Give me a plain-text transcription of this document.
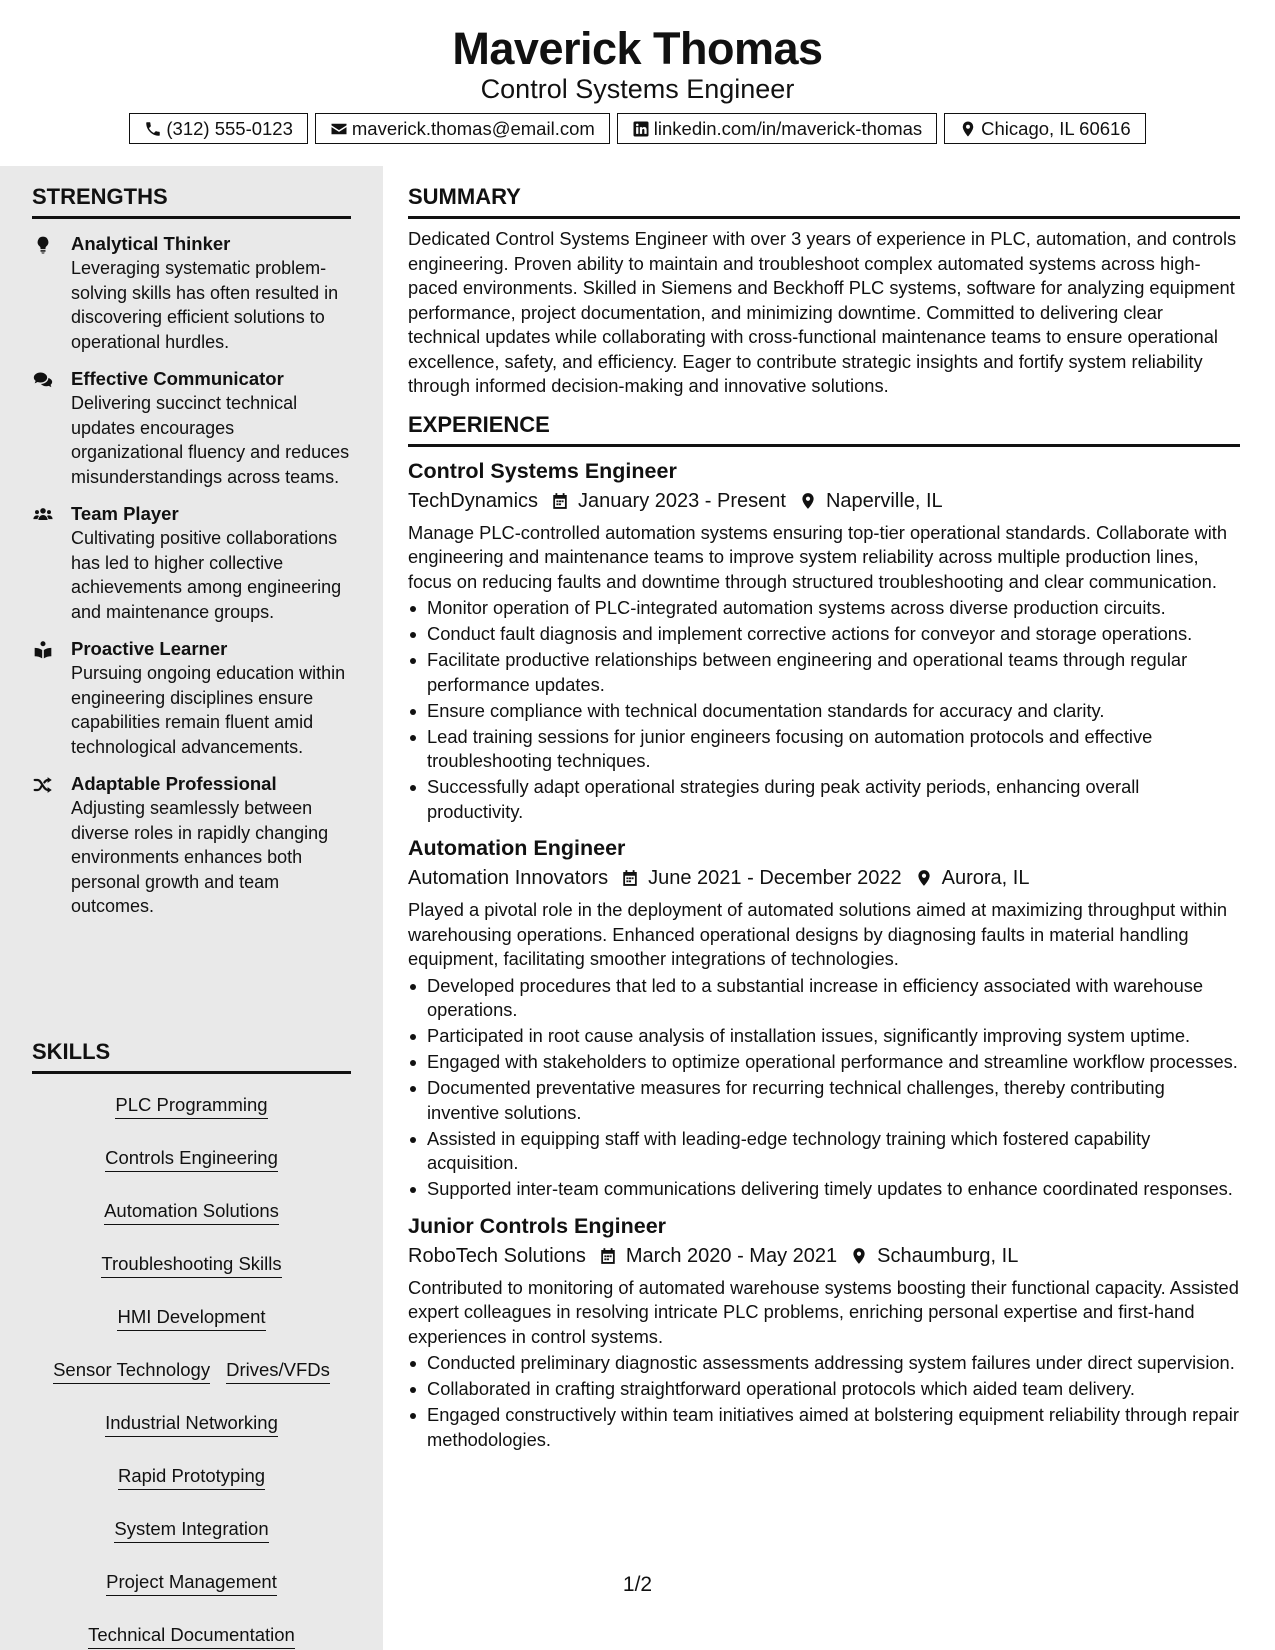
Maverick Thomas
Control Systems Engineer
(312) 555-0123	maverick.thomas@email.com	linkedin.com/in/maverick-thomas	Chicago, IL 60616
STRENGTHS
Analytical Thinker
Leveraging systematic problem-solving skills has often resulted in discovering efficient solutions to operational hurdles.
Effective Communicator
Delivering succinct technical updates encourages organizational fluency and reduces misunderstandings across teams.
Team Player
Cultivating positive collaborations has led to higher collective achievements among engineering and maintenance groups.
Proactive Learner
Pursuing ongoing education within engineering disciplines ensure capabilities remain fluent amid technological advancements.
Adaptable Professional
Adjusting seamlessly between diverse roles in rapidly changing environments enhances both personal growth and team outcomes.
SKILLS
PLC Programming
Controls Engineering
Automation Solutions
Troubleshooting Skills
HMI Development
Sensor Technology Drives/VFDs
Industrial Networking
Rapid Prototyping
System Integration
Project Management
Technical Documentation
SUMMARY
Dedicated Control Systems Engineer with over 3 years of experience in PLC, automation, and controls engineering. Proven ability to maintain and troubleshoot complex automated systems across high-paced environments. Skilled in Siemens and Beckhoff PLC systems, software for analyzing equipment performance, project documentation, and minimizing downtime. Committed to delivering clear technical updates while collaborating with cross-functional maintenance teams to ensure operational excellence, safety, and efficiency. Eager to contribute strategic insights and fortify system reliability through informed decision-making and innovative solutions.
EXPERIENCE
Control Systems Engineer
TechDynamics January 2023 - Present Naperville, IL
Manage PLC-controlled automation systems ensuring top-tier operational standards. Collaborate with engineering and maintenance teams to improve system reliability across multiple production lines, focus on reducing faults and downtime through structured troubleshooting and clear communication.
Monitor operation of PLC-integrated automation systems across diverse production circuits.
Conduct fault diagnosis and implement corrective actions for conveyor and storage operations.
Facilitate productive relationships between engineering and operational teams through regular performance updates.
Ensure compliance with technical documentation standards for accuracy and clarity.
Lead training sessions for junior engineers focusing on automation protocols and effective troubleshooting techniques.
Successfully adapt operational strategies during peak activity periods, enhancing overall productivity.
Automation Engineer
Automation Innovators June 2021 - December 2022 Aurora, IL
Played a pivotal role in the deployment of automated solutions aimed at maximizing throughput within warehousing operations. Enhanced operational designs by diagnosing faults in material handling equipment, facilitating smoother integrations of technologies.
Developed procedures that led to a substantial increase in efficiency associated with warehouse operations.
Participated in root cause analysis of installation issues, significantly improving system uptime.
Engaged with stakeholders to optimize operational performance and streamline workflow processes.
Documented preventative measures for recurring technical challenges, thereby contributing inventive solutions.
Assisted in equipping staff with leading-edge technology training which fostered capability acquisition.
Supported inter-team communications delivering timely updates to enhance coordinated responses.
Junior Controls Engineer
RoboTech Solutions March 2020 - May 2021 Schaumburg, IL
Contributed to monitoring of automated warehouse systems boosting their functional capacity. Assisted expert colleagues in resolving intricate PLC problems, enriching personal expertise and first-hand experiences in control systems.
Conducted preliminary diagnostic assessments addressing system failures under direct supervision.
Collaborated in crafting straightforward operational protocols which aided team delivery.
Engaged constructively within team initiatives aimed at bolstering equipment reliability through repair methodologies.
1/2
